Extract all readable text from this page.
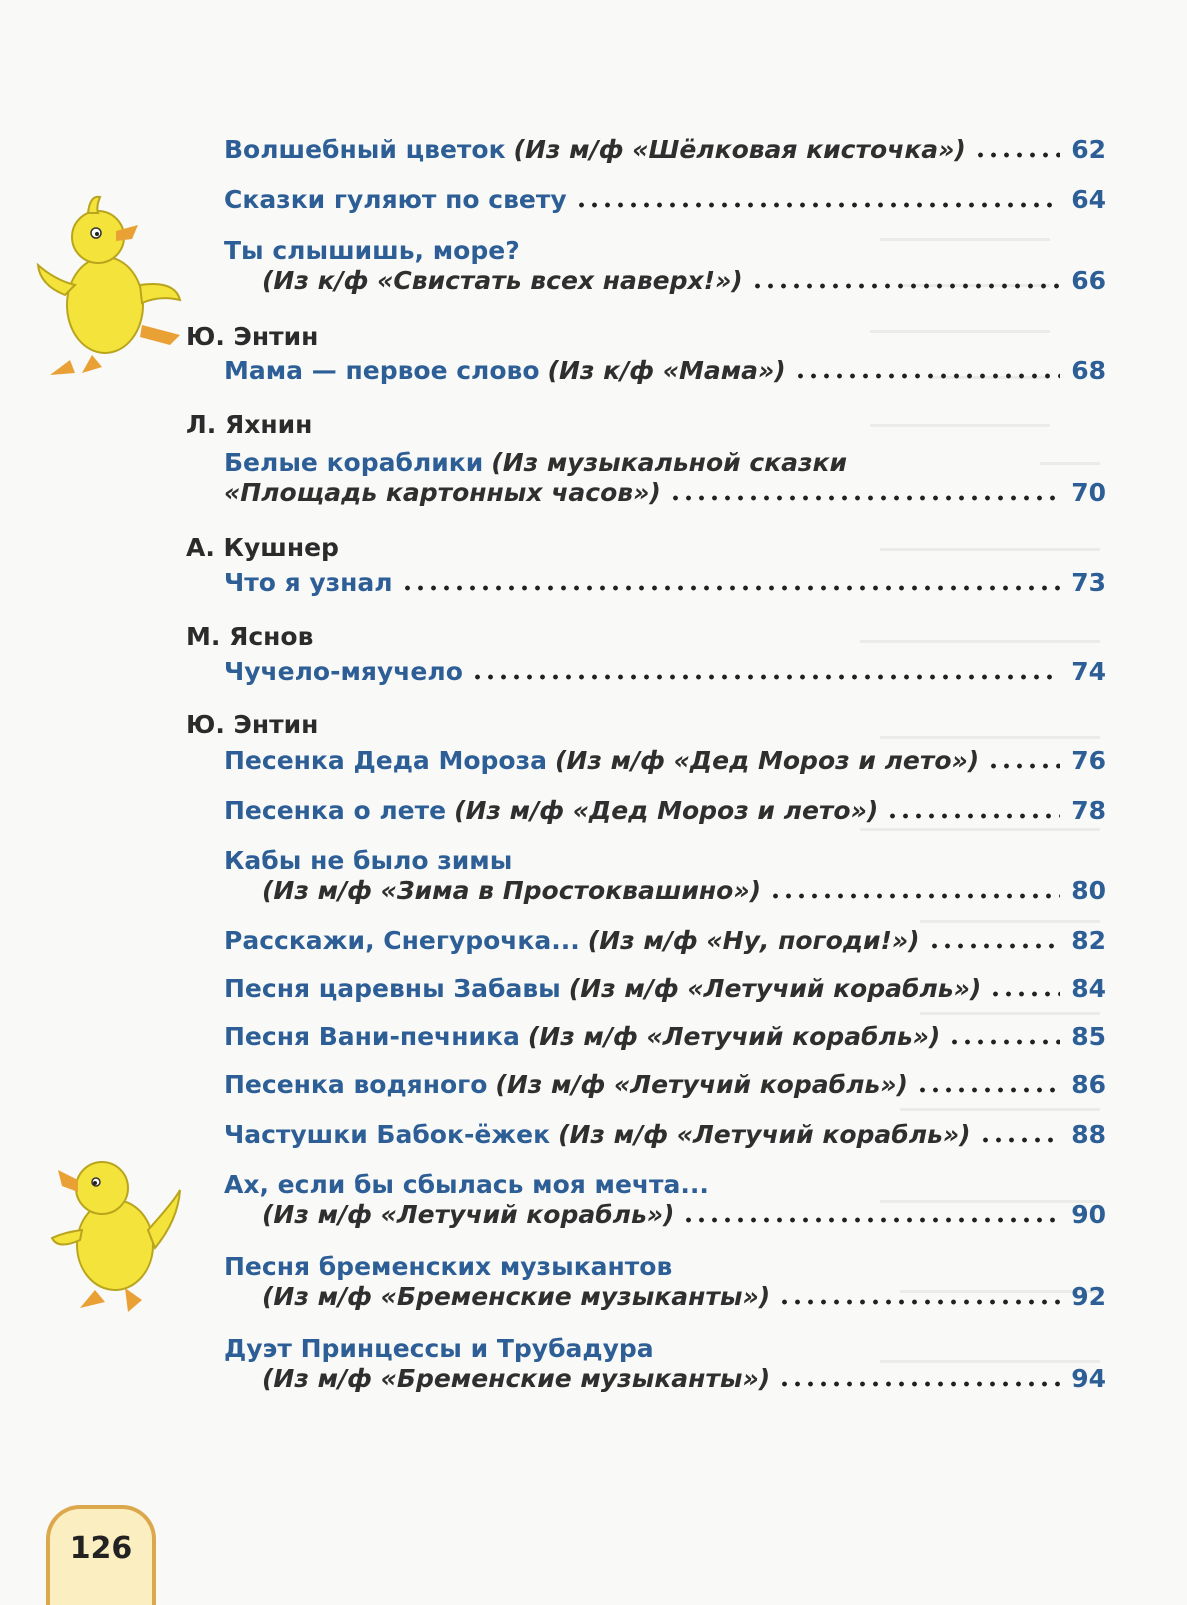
Волшебный цветок (Из м/ф «Шёлковая кисточка»)	62
Сказки гуляют по свету	64
Ты слышишь, море?
(Из к/ф «Свистать всех наверх!»)	66
Ю. Энтин
Мама — первое слово (Из к/ф «Мама»)	68
Л. Яхнин
Белые кораблики (Из музыкальной сказки
«Площадь картонных часов»)	70
А. Кушнер
Что я узнал	73
М. Яснов
Чучело-мяучело	74
Ю. Энтин
Песенка Деда Мороза (Из м/ф «Дед Мороз и лето»)	76
Песенка о лете (Из м/ф «Дед Мороз и лето»)	78
Кабы не было зимы
(Из м/ф «Зима в Простоквашино»)	80
Расскажи, Снегурочка... (Из м/ф «Ну, погоди!»)	82
Песня царевны Забавы (Из м/ф «Летучий корабль»)	84
Песня Вани-печника (Из м/ф «Летучий корабль»)	85
Песенка водяного (Из м/ф «Летучий корабль»)	86
Частушки Бабок-ёжек (Из м/ф «Летучий корабль»)	88
Ах, если бы сбылась моя мечта...
(Из м/ф «Летучий корабль»)	90
Песня бременских музыкантов
(Из м/ф «Бременские музыканты»)	92
Дуэт Принцессы и Трубадура
(Из м/ф «Бременские музыканты»)	94
126
